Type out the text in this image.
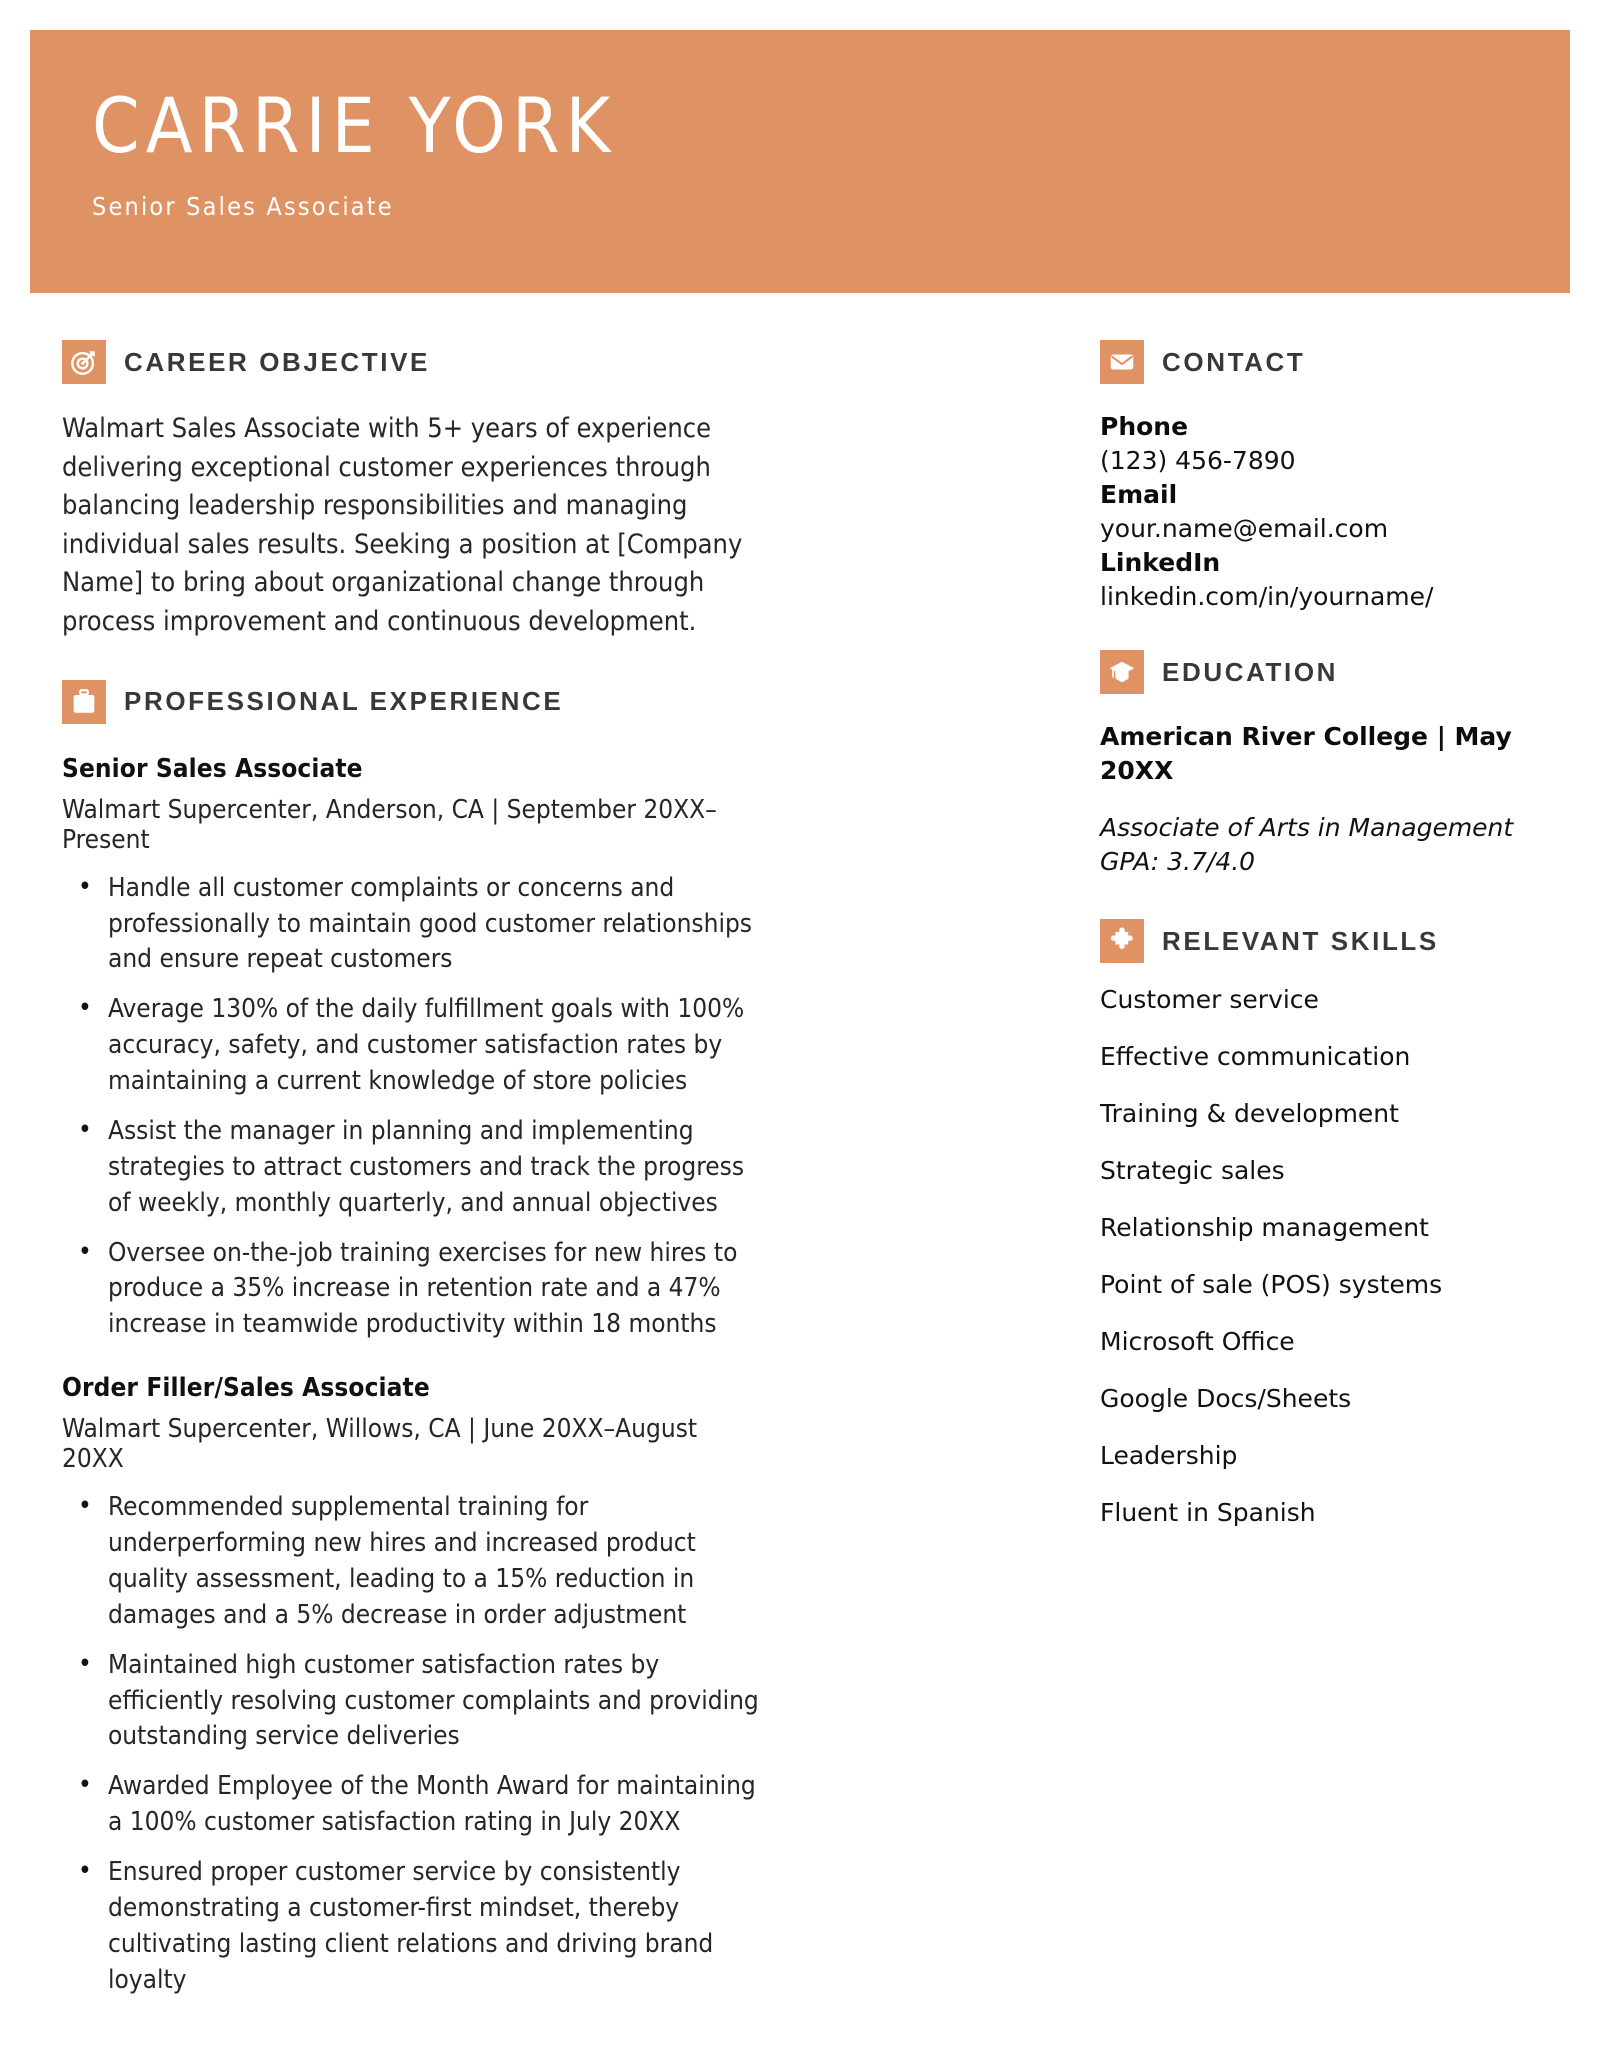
CARRIE YORK
Senior Sales Associate
CAREER OBJECTIVE

Walmart Sales Associate with 5+ years of experience delivering exceptional customer experiences through balancing leadership responsibilities and managing individual sales results. Seeking a position at [Company Name] to bring about organizational change through process improvement and continuous development.

PROFESSIONAL EXPERIENCE
Senior Sales Associate
Walmart Supercenter, Anderson, CA | September 20XX–Present
• Handle all customer complaints or concerns and professionally to maintain good customer relationships and ensure repeat customers
• Average 130% of the daily fulfillment goals with 100% accuracy, safety, and customer satisfaction rates by maintaining a current knowledge of store policies
• Assist the manager in planning and implementing strategies to attract customers and track the progress of weekly, monthly quarterly, and annual objectives
• Oversee on-the-job training exercises for new hires to produce a 35% increase in retention rate and a 47% increase in teamwide productivity within 18 months
Order Filler/Sales Associate
Walmart Supercenter, Willows, CA | June 20XX–August 20XX
• Recommended supplemental training for underperforming new hires and increased product quality assessment, leading to a 15% reduction in damages and a 5% decrease in order adjustment
• Maintained high customer satisfaction rates by efficiently resolving customer complaints and providing outstanding service deliveries
• Awarded Employee of the Month Award for maintaining a 100% customer satisfaction rating in July 20XX
• Ensured proper customer service by consistently demonstrating a customer-first mindset, thereby cultivating lasting client relations and driving brand loyalty
CONTACT
Phone
(123) 456-7890
Email
your.name@email.com
LinkedIn
linkedin.com/in/yourname/
EDUCATION
American River College | May 20XX
Associate of Arts in Management
GPA: 3.7/4.0
RELEVANT SKILLS
Customer service
Effective communication
Training & development
Strategic sales
Relationship management
Point of sale (POS) systems
Microsoft Office
Google Docs/Sheets
Leadership
Fluent in Spanish
